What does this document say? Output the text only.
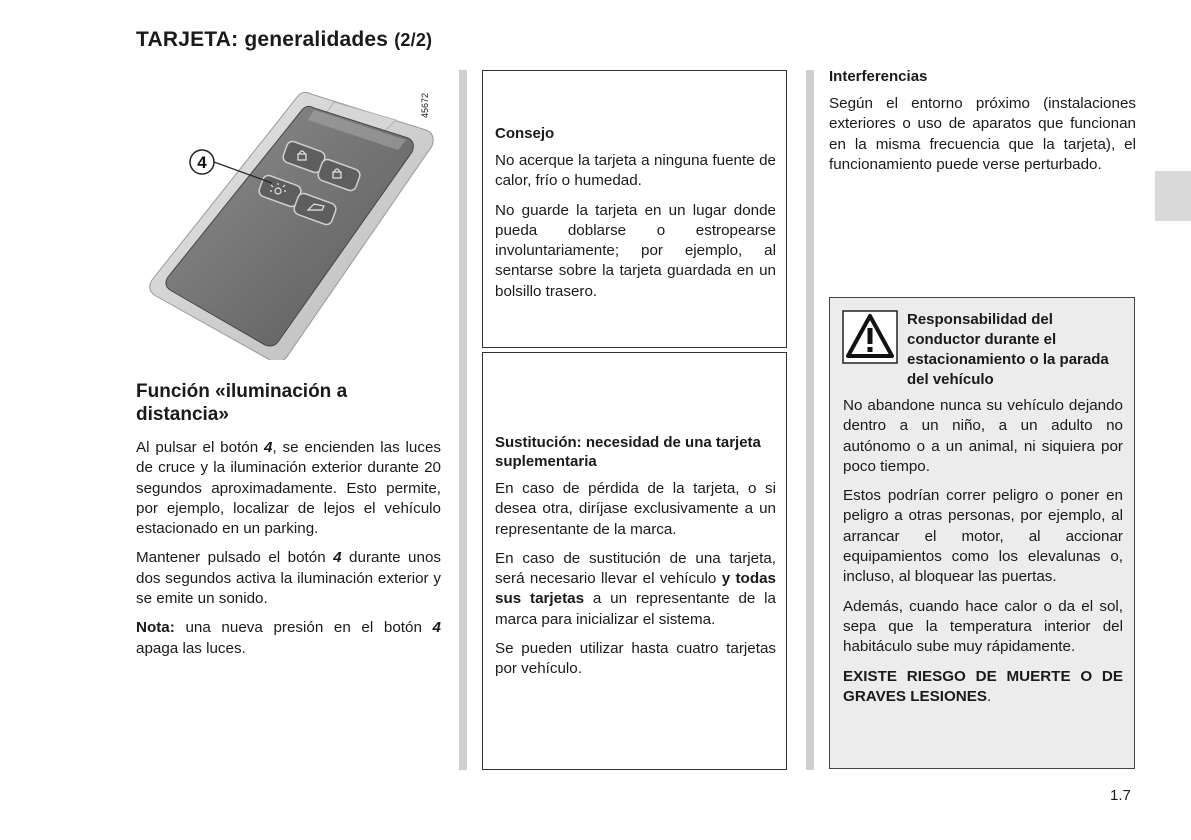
TARJETA: generalidades (2/2)
4
45672
Función «iluminación a distancia»

Al pulsar el botón 4, se encienden las luces de cruce y la iluminación exterior durante 20 segundos aproximadamente. Esto permite, por ejemplo, localizar de lejos el vehículo estacionado en un parking.

Mantener pulsado el botón 4 durante unos dos segundos activa la iluminación exterior y se emite un sonido.

Nota: una nueva presión en el botón 4 apaga las luces.

Consejo

No acerque la tarjeta a ninguna fuente de calor, frío o humedad.

No guarde la tarjeta en un lugar donde pueda doblarse o estropearse involuntariamente; por ejemplo, al sentarse sobre la tarjeta guardada en un bolsillo trasero.

Sustitución: necesidad de una tarjeta suplementaria

En caso de pérdida de la tarjeta, o si desea otra, diríjase exclusivamente a un representante de la marca.

En caso de sustitución de una tarjeta, será necesario llevar el vehículo y todas sus tarjetas a un representante de la marca para inicializar el sistema.

Se pueden utilizar hasta cuatro tarjetas por vehículo.

Interferencias

Según el entorno próximo (instalaciones exteriores o uso de aparatos que funcionan en la misma frecuencia que la tarjeta), el funcionamiento puede verse perturbado.

Responsabilidad del conductor durante el estacionamiento o la parada del vehículo

No abandone nunca su vehículo dejando dentro a un niño, a un adulto no autónomo o a un animal, ni siquiera por poco tiempo.

Estos podrían correr peligro o poner en peligro a otras personas, por ejemplo, al arrancar el motor, al accionar equipamientos como los elevalunas o, incluso, al bloquear las puertas.

Además, cuando hace calor o da el sol, sepa que la temperatura interior del habitáculo sube muy rápidamente.

EXISTE RIESGO DE MUERTE O DE GRAVES LESIONES.

1.7
